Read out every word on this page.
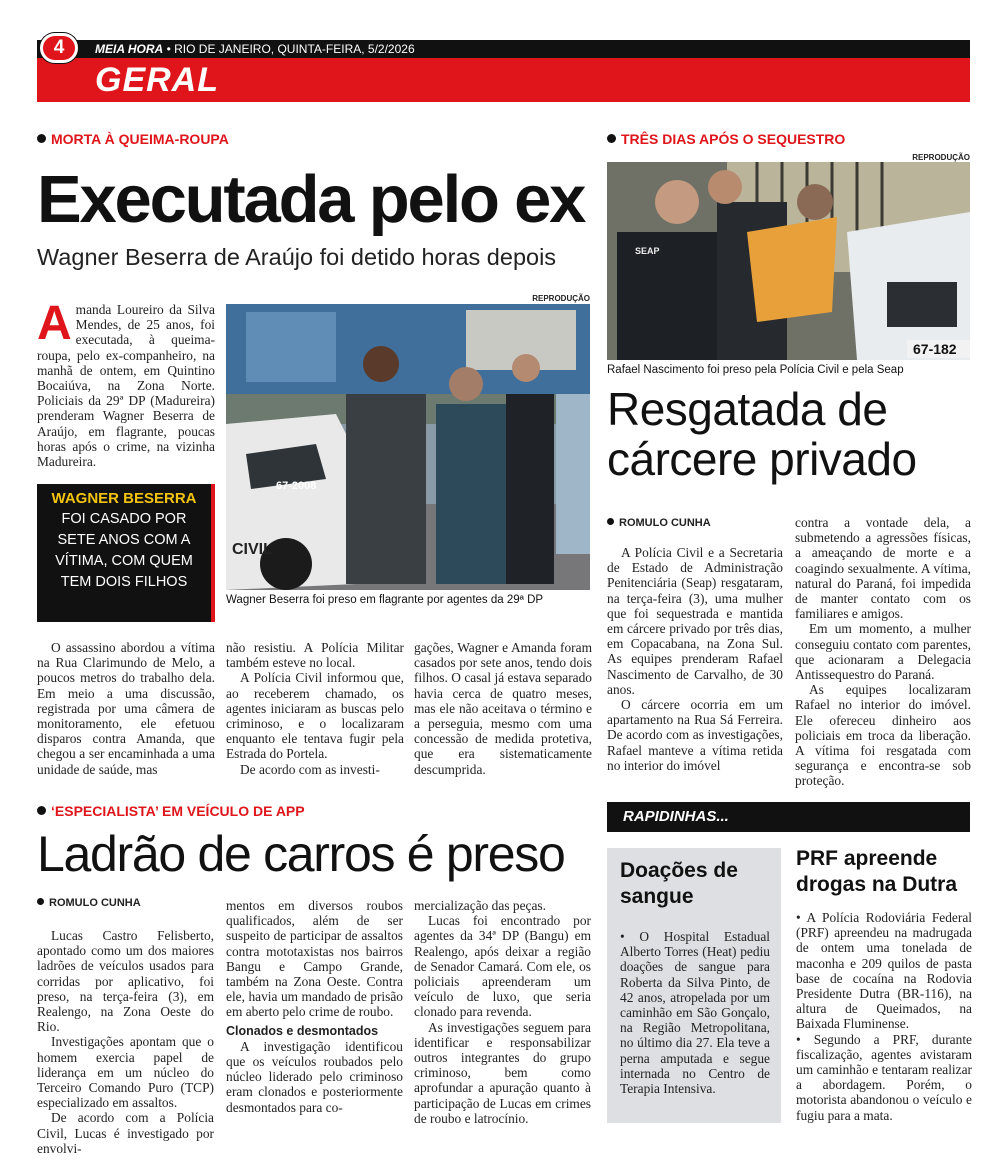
4	MEIA HORA • RIO DE JANEIRO, QUINTA-FEIRA, 5/2/2026
GERAL
MORTA À QUEIMA-ROUPA
Executada pelo ex
Wagner Beserra de Araújo foi detido horas depois
Amanda Loureiro da Silva Mendes, de 25 anos, foi executada, à queima-roupa, pelo ex-companheiro, na manhã de ontem, em Quintino Bocaiúva, na Zona Norte. Policiais da 29ª DP (Madureira) prenderam Wagner Beserra de Araújo, em flagrante, poucas horas após o crime, na vizinha Madureira.
WAGNER BESERRA
FOI CASADO POR SETE ANOS COM A VÍTIMA, COM QUEM TEM DOIS FILHOS
REPRODUÇÃO
67-2008
CIVIL
Wagner Beserra foi preso em flagrante por agentes da 29ª DP

O assassino abordou a vítima na Rua Clarimundo de Melo, a poucos metros do trabalho dela. Em meio a uma discussão, registrada por uma câmera de monitoramento, ele efetuou disparos contra Amanda, que chegou a ser encaminhada a uma unidade de saúde, mas

não resistiu. A Polícia Militar também esteve no local.

A Polícia Civil informou que, ao receberem chamado, os agentes iniciaram as buscas pelo criminoso, e o localizaram enquanto ele tentava fugir pela Estrada do Portela.

De acordo com as investi-

gações, Wagner e Amanda foram casados por sete anos, tendo dois filhos. O casal já estava separado havia cerca de quatro meses, mas ele não aceitava o término e a perseguia, mesmo com uma concessão de medida protetiva, que era sistematicamente descumprida.

TRÊS DIAS APÓS O SEQUESTRO
REPRODUÇÃO
SEAP
67-182
Rafael Nascimento foi preso pela Polícia Civil e pela Seap
Resgatada de cárcere privado
ROMULO CUNHA

A Polícia Civil e a Secretaria de Estado de Administração Penitenciária (Seap) resgataram, na terça-feira (3), uma mulher que foi sequestrada e mantida em cárcere privado por três dias, em Copacabana, na Zona Sul. As equipes prenderam Rafael Nascimento de Carvalho, de 30 anos.

O cárcere ocorria em um apartamento na Rua Sá Ferreira. De acordo com as investigações, Rafael manteve a vítima retida no interior do imóvel

contra a vontade dela, a submetendo a agressões físicas, a ameaçando de morte e a coagindo sexualmente. A vítima, natural do Paraná, foi impedida de manter contato com os familiares e amigos.

Em um momento, a mulher conseguiu contato com parentes, que acionaram a Delegacia Antissequestro do Paraná.

As equipes localizaram Rafael no interior do imóvel. Ele ofereceu dinheiro aos policiais em troca da liberação. A vítima foi resgatada com segurança e encontra-se sob proteção.

‘ESPECIALISTA’ EM VEÍCULO DE APP
Ladrão de carros é preso
ROMULO CUNHA

Lucas Castro Felisberto, apontado como um dos maiores ladrões de veículos usados para corridas por aplicativo, foi preso, na terça-feira (3), em Realengo, na Zona Oeste do Rio.

Investigações apontam que o homem exercia papel de liderança em um núcleo do Terceiro Comando Puro (TCP) especializado em assaltos.

De acordo com a Polícia Civil, Lucas é investigado por envolvi-

mentos em diversos roubos qualificados, além de ser suspeito de participar de assaltos contra mototaxistas nos bairros Bangu e Campo Grande, também na Zona Oeste. Contra ele, havia um mandado de prisão em aberto pelo crime de roubo.

Clonados e desmontados

A investigação identificou que os veículos roubados pelo núcleo liderado pelo criminoso eram clonados e posteriormente desmontados para co-

mercialização das peças.

Lucas foi encontrado por agentes da 34ª DP (Bangu) em Realengo, após deixar a região de Senador Camará. Com ele, os policiais apreenderam um veículo de luxo, que seria clonado para revenda.

As investigações seguem para identificar e responsabilizar outros integrantes do grupo criminoso, bem como aprofundar a apuração quanto à participação de Lucas em crimes de roubo e latrocínio.

RAPIDINHAS...
Doações de sangue
• O Hospital Estadual Alberto Torres (Heat) pediu doações de sangue para Roberta da Silva Pinto, de 42 anos, atropelada por um caminhão em São Gonçalo, na Região Metropolitana, no último dia 27. Ela teve a perna amputada e segue internada no Centro de Terapia Intensiva.
PRF apreende drogas na Dutra

• A Polícia Rodoviária Federal (PRF) apreendeu na madrugada de ontem uma tonelada de maconha e 209 quilos de pasta base de cocaína na Rodovia Presidente Dutra (BR-116), na altura de Queimados, na Baixada Fluminense.

• Segundo a PRF, durante fiscalização, agentes avistaram um caminhão e tentaram realizar a abordagem. Porém, o motorista abandonou o veículo e fugiu para a mata.
